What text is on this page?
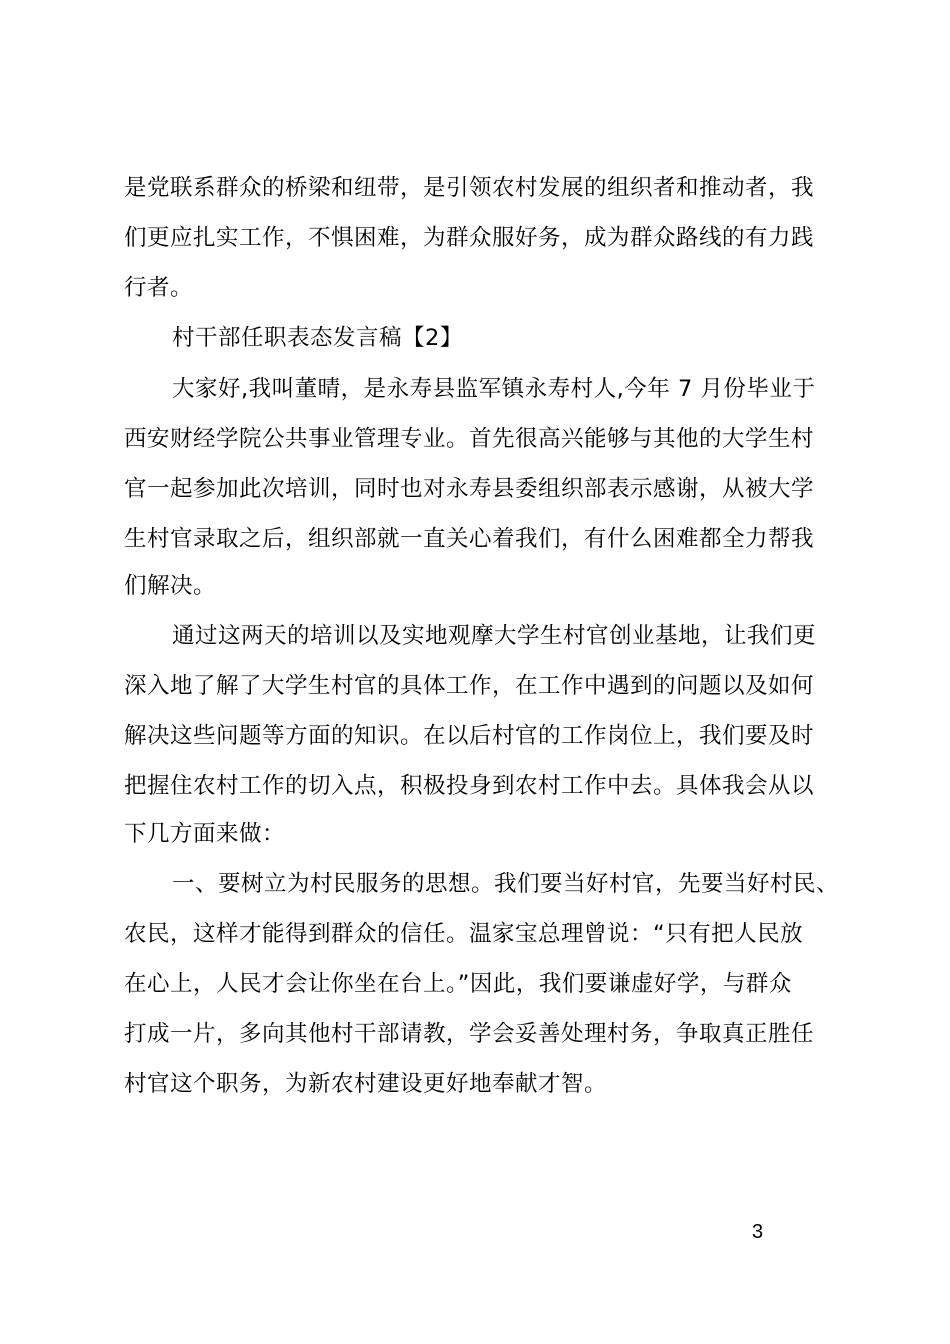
是党联系群众的桥梁和纽带，是引领农村发展的组织者和推动者，我
们更应扎实工作，不惧困难，为群众服好务，成为群众路线的有力践
行者。
村干部任职表态发言稿【2】
大家好,我叫董晴，是永寿县监军镇永寿村人,今年 7 月份毕业于
西安财经学院公共事业管理专业。首先很高兴能够与其他的大学生村
官一起参加此次培训，同时也对永寿县委组织部表示感谢，从被大学
生村官录取之后，组织部就一直关心着我们，有什么困难都全力帮我
们解决。
通过这两天的培训以及实地观摩大学生村官创业基地，让我们更
深入地了解了大学生村官的具体工作，在工作中遇到的问题以及如何
解决这些问题等方面的知识。在以后村官的工作岗位上，我们要及时
把握住农村工作的切入点，积极投身到农村工作中去。具体我会从以
下几方面来做：
一、要树立为村民服务的思想。我们要当好村官，先要当好村民、
农民，这样才能得到群众的信任。温家宝总理曾说：“只有把人民放
在心上，人民才会让你坐在台上。”因此，我们要谦虚好学，与群众
打成一片，多向其他村干部请教，学会妥善处理村务，争取真正胜任
村官这个职务，为新农村建设更好地奉献才智。
3
